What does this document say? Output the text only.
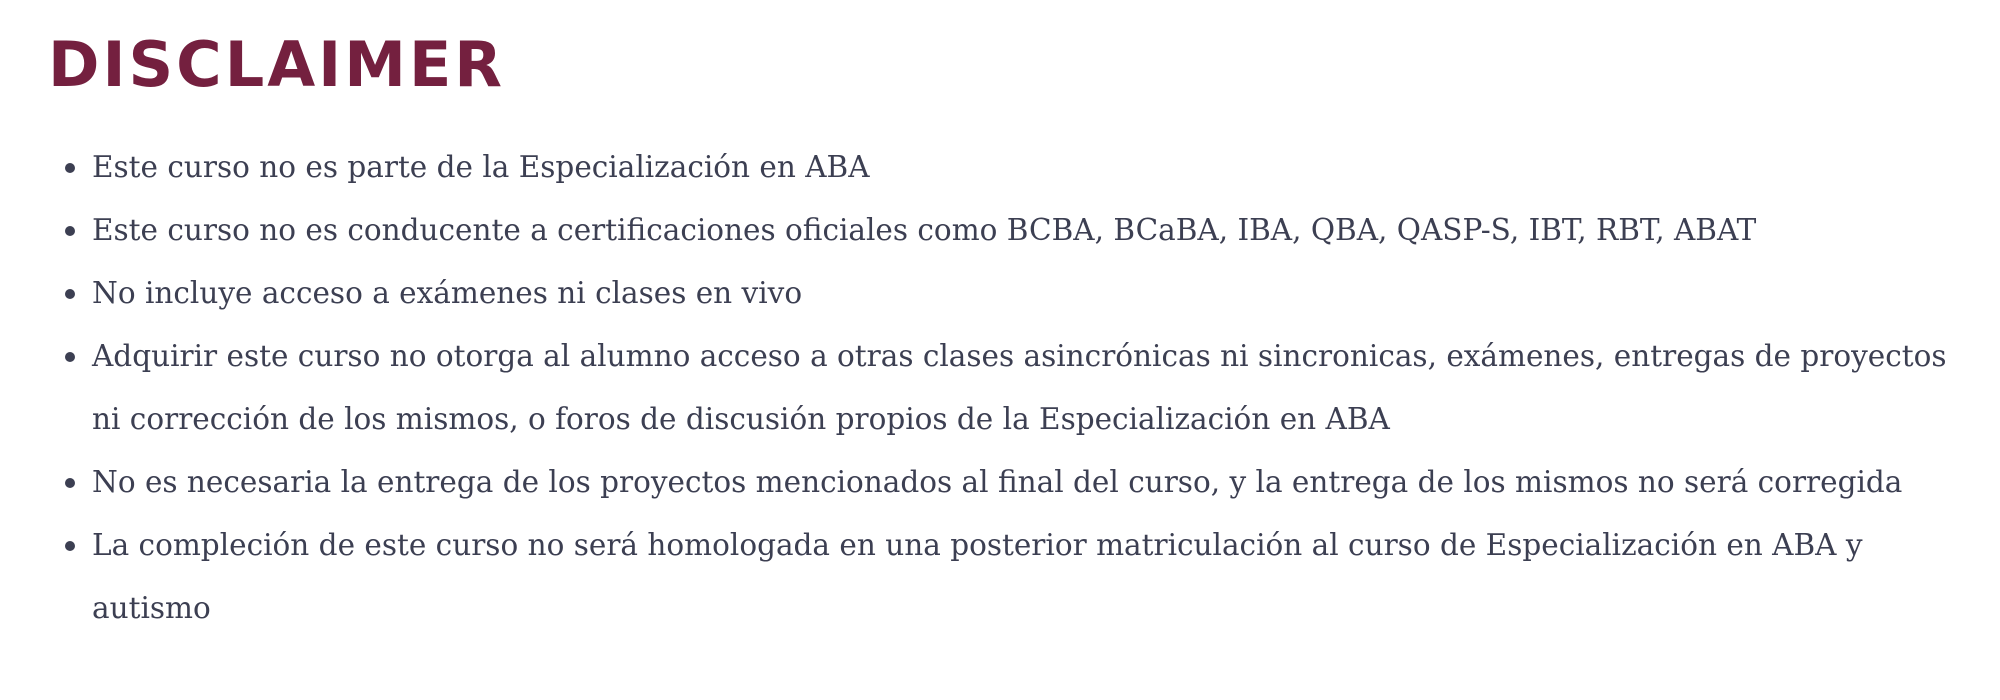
DISCLAIMER
Este curso no es parte de la Especialización en ABA
Este curso no es conducente a certificaciones oficiales como BCBA, BCaBA, IBA, QBA, QASP-S, IBT, RBT, ABAT
No incluye acceso a exámenes ni clases en vivo
Adquirir este curso no otorga al alumno acceso a otras clases asincrónicas ni sincronicas, exámenes, entregas de proyectos ni corrección de los mismos, o foros de discusión propios de la Especialización en ABA
No es necesaria la entrega de los proyectos mencionados al final del curso, y la entrega de los mismos no será corregida
La compleción de este curso no será homologada en una posterior matriculación al curso de Especialización en ABA y autismo
